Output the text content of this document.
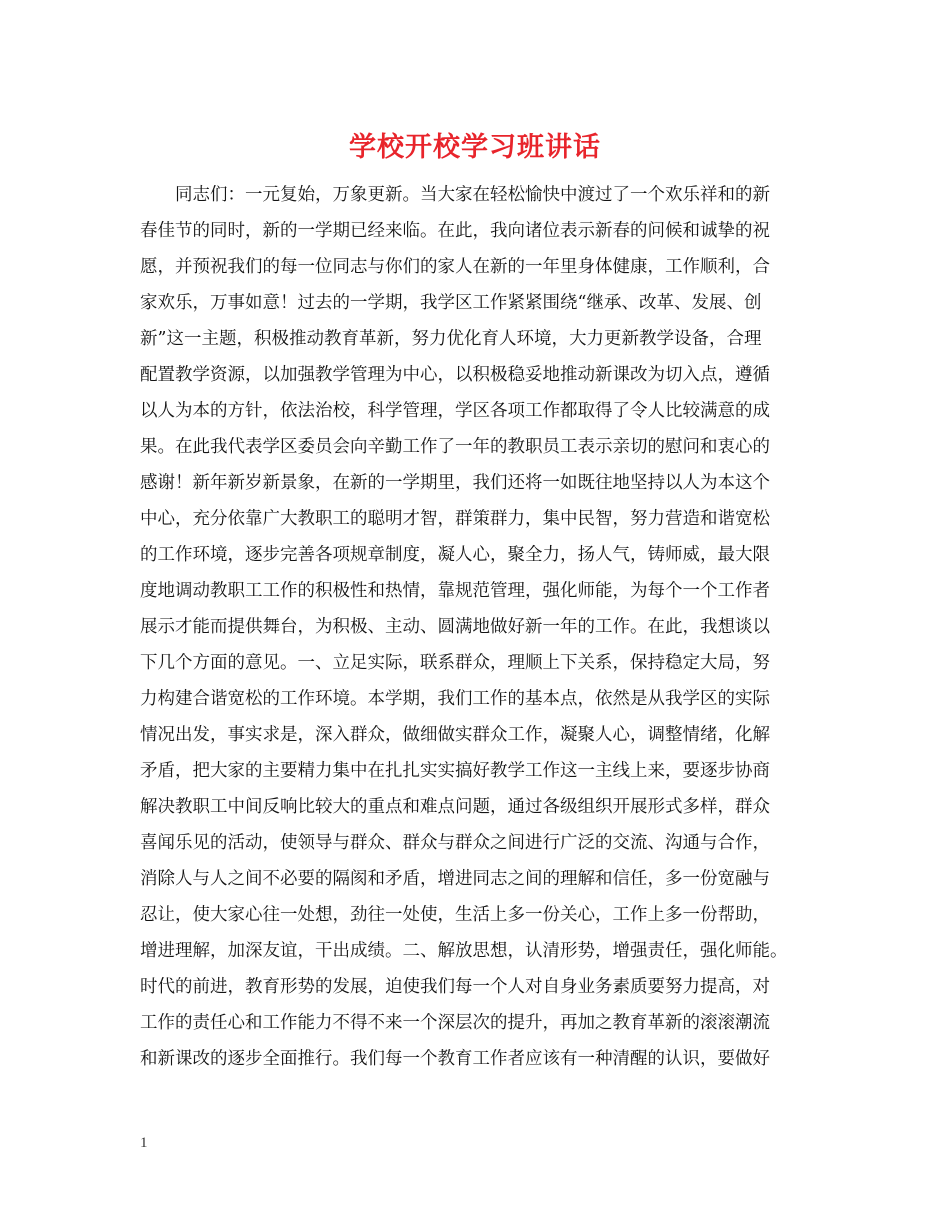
学校开校学习班讲话
　　同志们：一元复始，万象更新。当大家在轻松愉快中渡过了一个欢乐祥和的新
春佳节的同时，新的一学期已经来临。在此，我向诸位表示新春的问候和诚挚的祝
愿，并预祝我们的每一位同志与你们的家人在新的一年里身体健康，工作顺利，合
家欢乐，万事如意！过去的一学期，我学区工作紧紧围绕“继承、改革、发展、创
新”这一主题，积极推动教育革新，努力优化育人环境，大力更新教学设备，合理
配置教学资源，以加强教学管理为中心，以积极稳妥地推动新课改为切入点，遵循
以人为本的方针，依法治校，科学管理，学区各项工作都取得了令人比较满意的成
果。在此我代表学区委员会向辛勤工作了一年的教职员工表示亲切的慰问和衷心的
感谢！新年新岁新景象，在新的一学期里，我们还将一如既往地坚持以人为本这个
中心，充分依靠广大教职工的聪明才智，群策群力，集中民智，努力营造和谐宽松
的工作环境，逐步完善各项规章制度，凝人心，聚全力，扬人气，铸师威，最大限
度地调动教职工工作的积极性和热情，靠规范管理，强化师能，为每个一个工作者
展示才能而提供舞台，为积极、主动、圆满地做好新一年的工作。在此，我想谈以
下几个方面的意见。一、立足实际，联系群众，理顺上下关系，保持稳定大局，努
力构建合谐宽松的工作环境。本学期，我们工作的基本点，依然是从我学区的实际
情况出发，事实求是，深入群众，做细做实群众工作，凝聚人心，调整情绪，化解
矛盾，把大家的主要精力集中在扎扎实实搞好教学工作这一主线上来，要逐步协商
解决教职工中间反响比较大的重点和难点问题，通过各级组织开展形式多样，群众
喜闻乐见的活动，使领导与群众、群众与群众之间进行广泛的交流、沟通与合作，
消除人与人之间不必要的隔阂和矛盾，增进同志之间的理解和信任，多一份宽融与
忍让，使大家心往一处想，劲往一处使，生活上多一份关心，工作上多一份帮助，
增进理解，加深友谊，干出成绩。二、解放思想，认清形势，增强责任，强化师能。
时代的前进，教育形势的发展，迫使我们每一个人对自身业务素质要努力提高，对
工作的责任心和工作能力不得不来一个深层次的提升，再加之教育革新的滚滚潮流
和新课改的逐步全面推行。我们每一个教育工作者应该有一种清醒的认识，要做好
1
